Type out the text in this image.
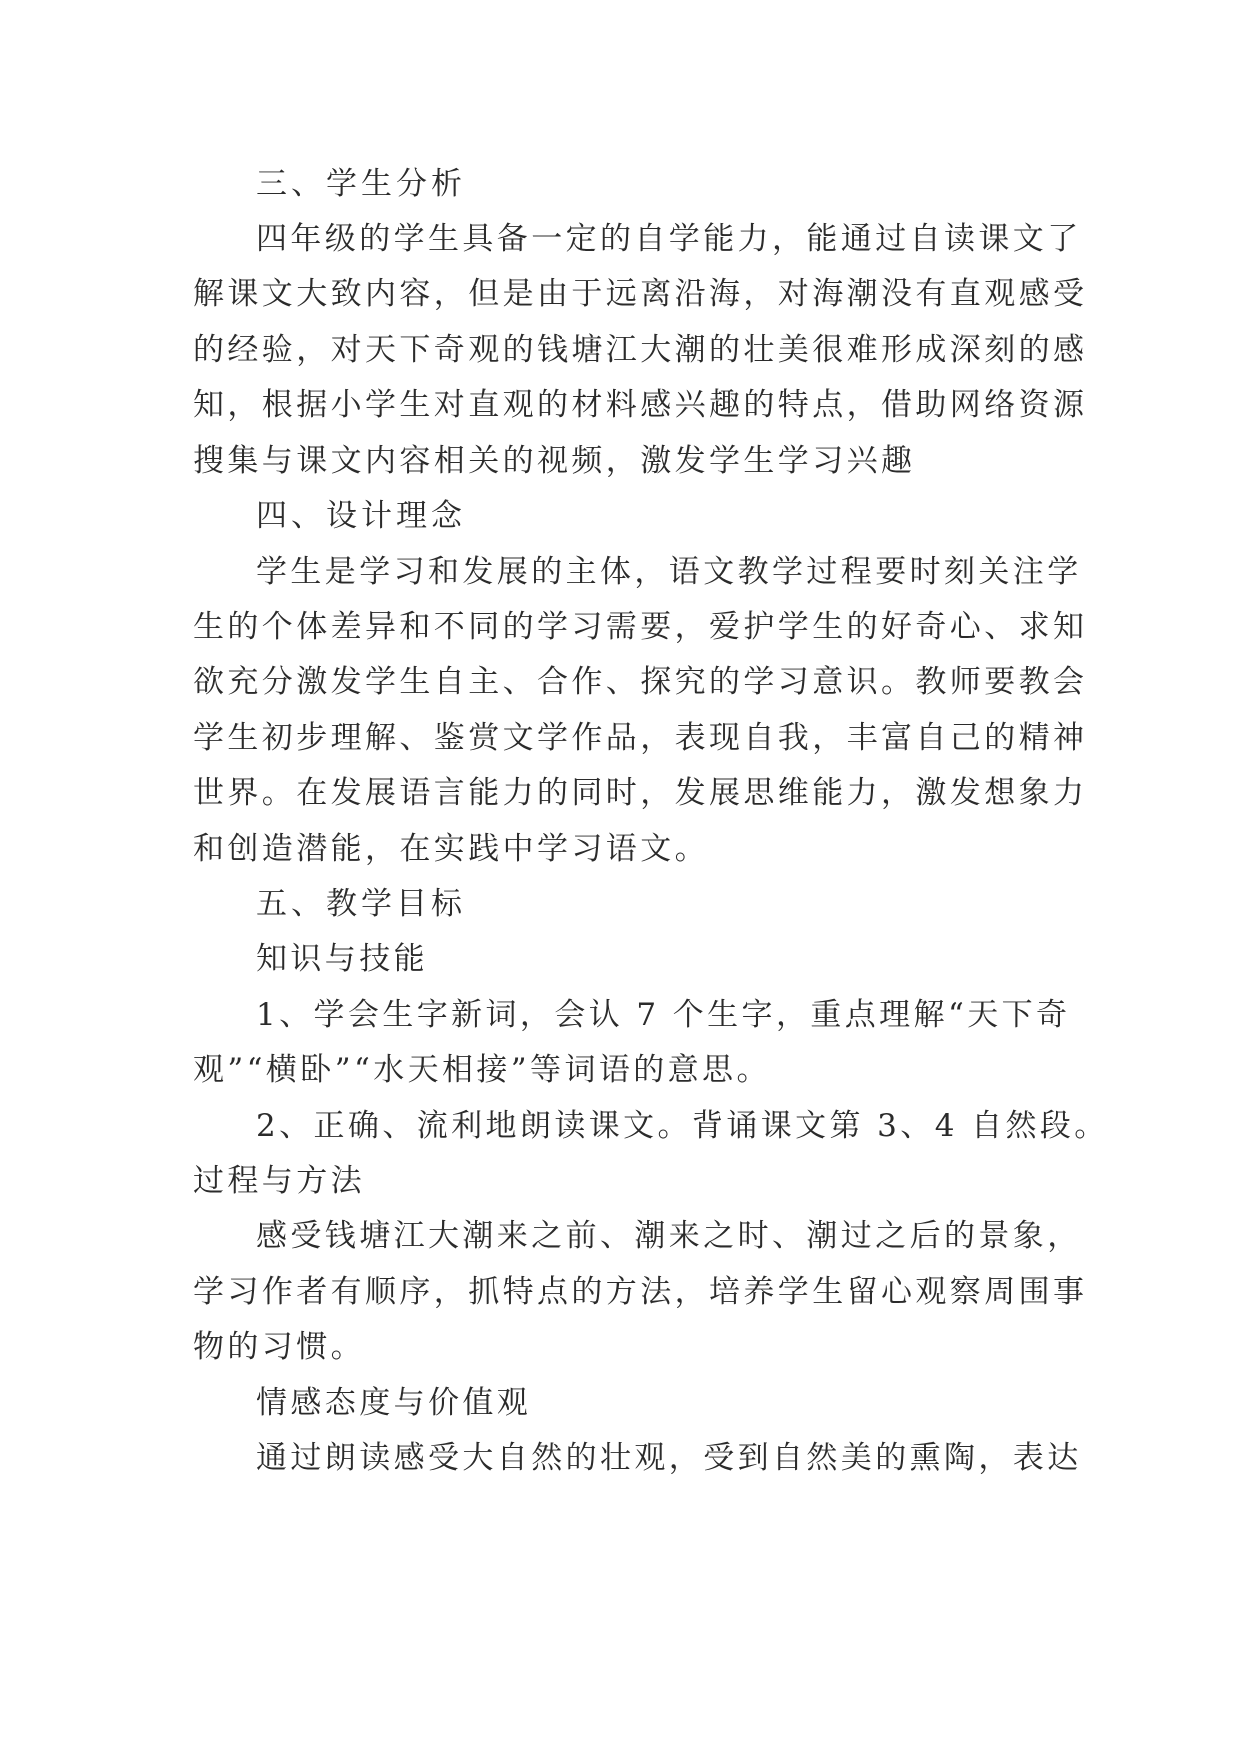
三、学生分析
四年级的学生具备一定的自学能力，能通过自读课文了
解课文大致内容，但是由于远离沿海，对海潮没有直观感受
的经验，对天下奇观的钱塘江大潮的壮美很难形成深刻的感
知，根据小学生对直观的材料感兴趣的特点，借助网络资源
搜集与课文内容相关的视频，激发学生学习兴趣
四、设计理念
学生是学习和发展的主体，语文教学过程要时刻关注学
生的个体差异和不同的学习需要，爱护学生的好奇心、求知
欲充分激发学生自主、合作、探究的学习意识。教师要教会
学生初步理解、鉴赏文学作品，表现自我，丰富自己的精神
世界。在发展语言能力的同时，发展思维能力，激发想象力
和创造潜能，在实践中学习语文。
五、教学目标
知识与技能
1、学会生字新词，会认 7 个生字，重点理解“天下奇
观”“横卧”“水天相接”等词语的意思。
2、正确、流利地朗读课文。背诵课文第 3、4 自然段。
过程与方法
感受钱塘江大潮来之前、潮来之时、潮过之后的景象，
学习作者有顺序，抓特点的方法，培养学生留心观察周围事
物的习惯。
情感态度与价值观
通过朗读感受大自然的壮观，受到自然美的熏陶，表达
